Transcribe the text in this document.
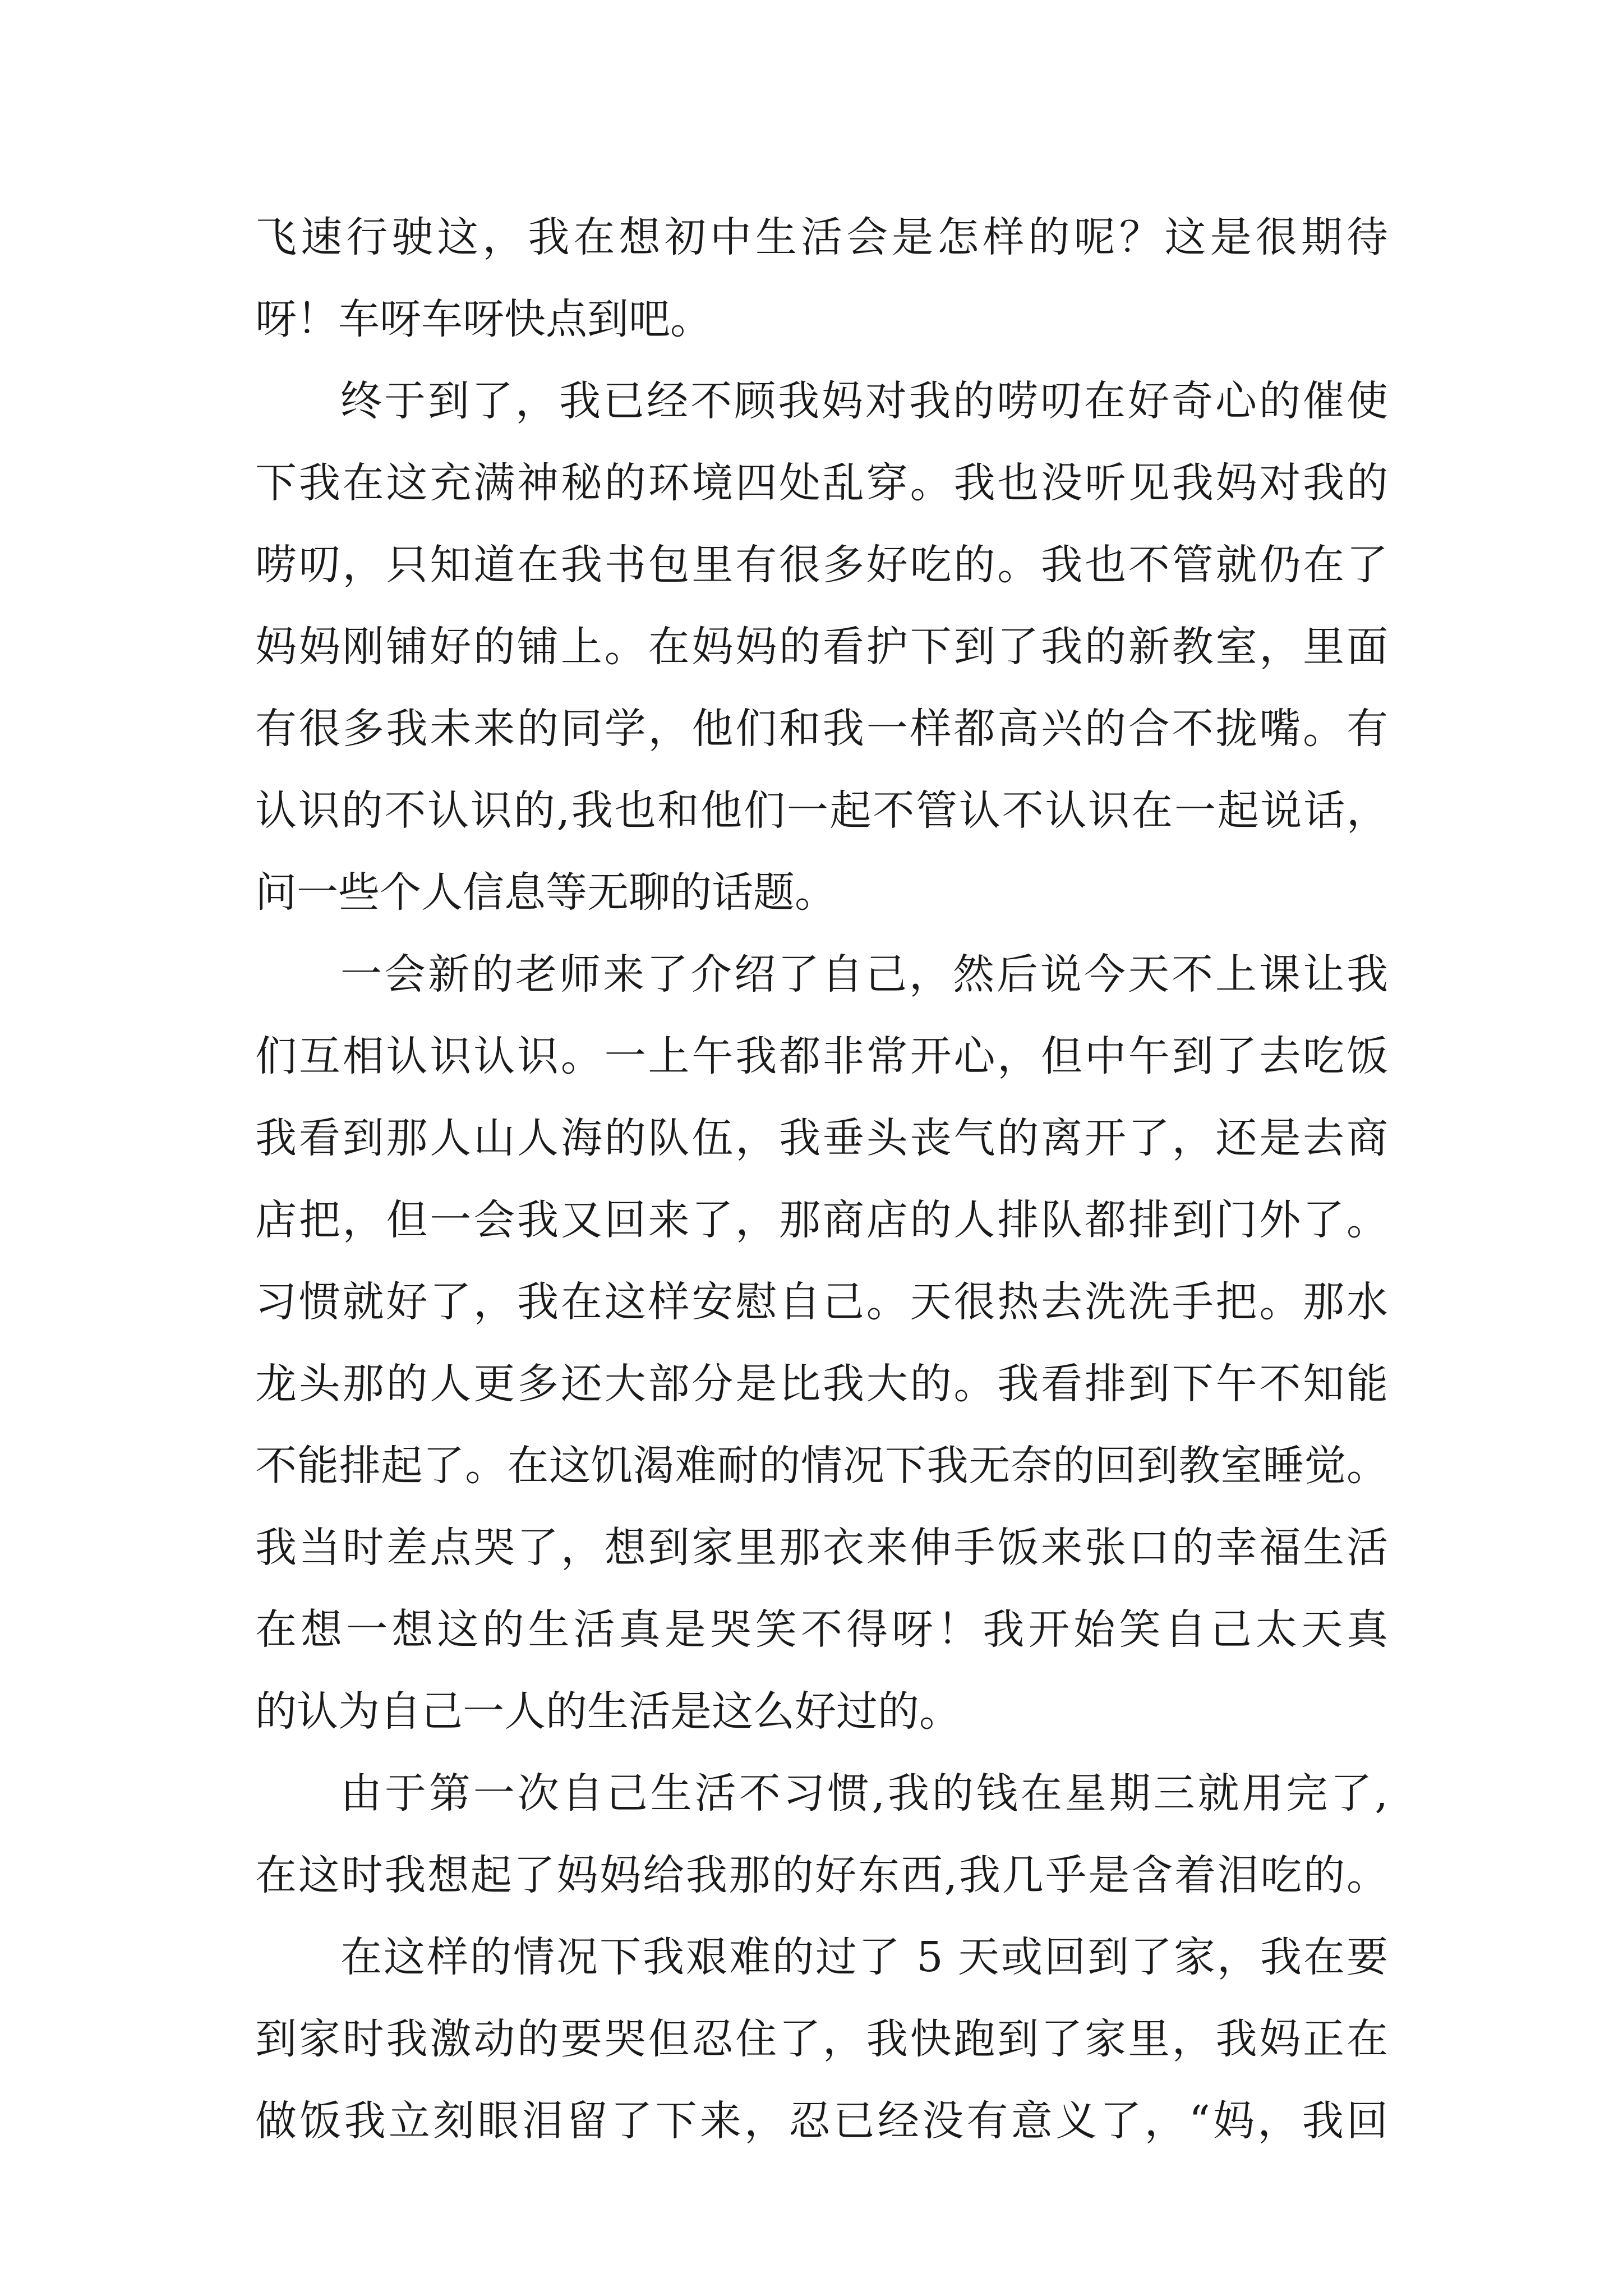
飞速行驶这，我在想初中生活会是怎样的呢？这是很期待
呀！车呀车呀快点到吧。
终于到了，我已经不顾我妈对我的唠叨在好奇心的催使
下我在这充满神秘的环境四处乱穿。我也没听见我妈对我的
唠叨，只知道在我书包里有很多好吃的。我也不管就仍在了
妈妈刚铺好的铺上。在妈妈的看护下到了我的新教室，里面
有很多我未来的同学，他们和我一样都高兴的合不拢嘴。有
认识的不认识的,我也和他们一起不管认不认识在一起说话，
问一些个人信息等无聊的话题。
一会新的老师来了介绍了自己，然后说今天不上课让我
们互相认识认识。一上午我都非常开心，但中午到了去吃饭
我看到那人山人海的队伍，我垂头丧气的离开了，还是去商
店把，但一会我又回来了，那商店的人排队都排到门外了。
习惯就好了，我在这样安慰自己。天很热去洗洗手把。那水
龙头那的人更多还大部分是比我大的。我看排到下午不知能
不能排起了。在这饥渴难耐的情况下我无奈的回到教室睡觉。
我当时差点哭了，想到家里那衣来伸手饭来张口的幸福生活
在想一想这的生活真是哭笑不得呀！我开始笑自己太天真
的认为自己一人的生活是这么好过的。
由于第一次自己生活不习惯,我的钱在星期三就用完了,
在这时我想起了妈妈给我那的好东西,我几乎是含着泪吃的。
在这样的情况下我艰难的过了 5 天或回到了家，我在要
到家时我激动的要哭但忍住了，我快跑到了家里，我妈正在
做饭我立刻眼泪留了下来，忍已经没有意义了，“妈，我回
